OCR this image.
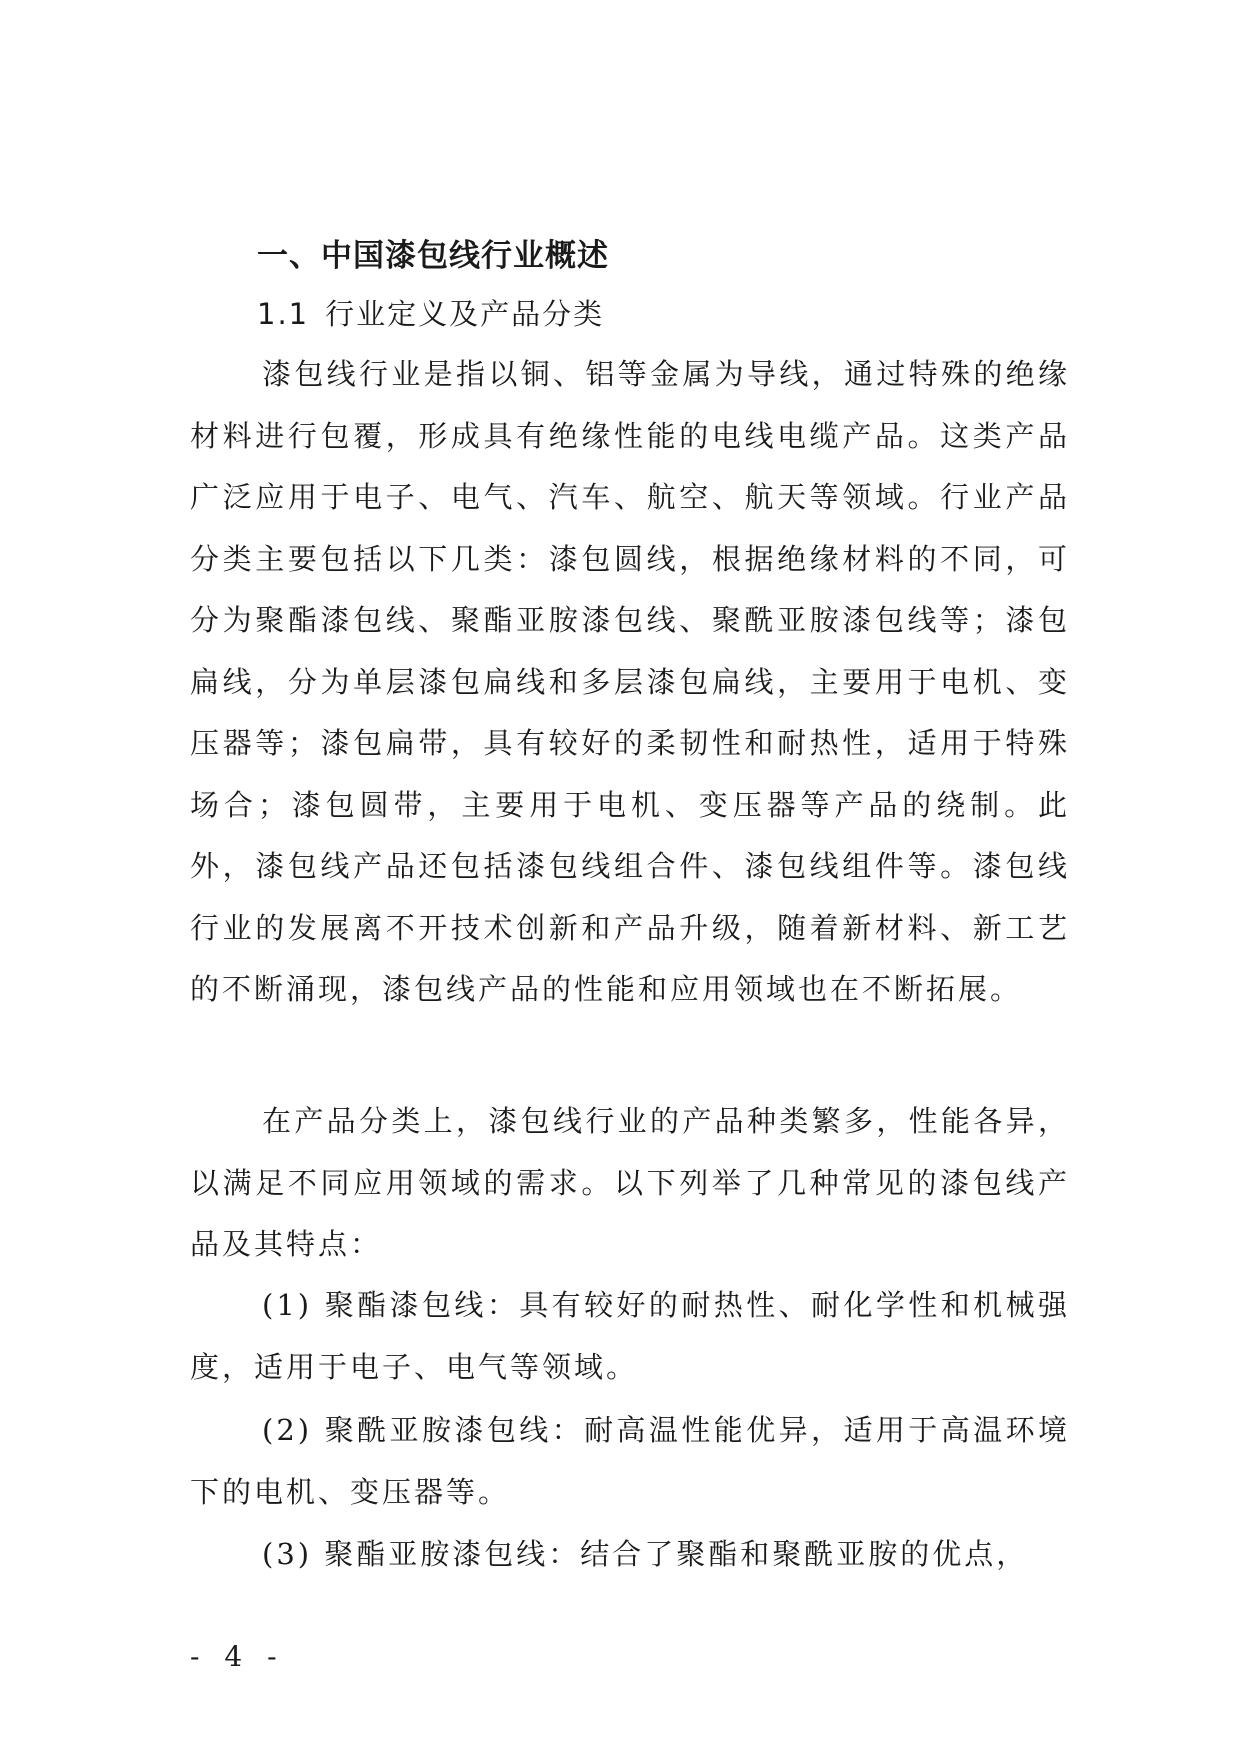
一、中国漆包线行业概述
1.1 行业定义及产品分类

漆包线行业是指以铜、铝等金属为导线，通过特殊的绝缘材料进行包覆，形成具有绝缘性能的电线电缆产品。这类产品广泛应用于电子、电气、汽车、航空、航天等领域。行业产品分类主要包括以下几类：漆包圆线，根据绝缘材料的不同，可分为聚酯漆包线、聚酯亚胺漆包线、聚酰亚胺漆包线等；漆包扁线，分为单层漆包扁线和多层漆包扁线，主要用于电机、变压器等；漆包扁带，具有较好的柔韧性和耐热性，适用于特殊场合；漆包圆带，主要用于电机、变压器等产品的绕制。此外，漆包线产品还包括漆包线组合件、漆包线组件等。漆包线行业的发展离不开技术创新和产品升级，随着新材料、新工艺的不断涌现，漆包线产品的性能和应用领域也在不断拓展。

在产品分类上，漆包线行业的产品种类繁多，性能各异，以满足不同应用领域的需求。以下列举了几种常见的漆包线产品及其特点：

(1) 聚酯漆包线：具有较好的耐热性、耐化学性和机械强度，适用于电子、电气等领域。

(2) 聚酰亚胺漆包线：耐高温性能优异，适用于高温环境下的电机、变压器等。

(3) 聚酯亚胺漆包线：结合了聚酯和聚酰亚胺的优点，

- 4 -
